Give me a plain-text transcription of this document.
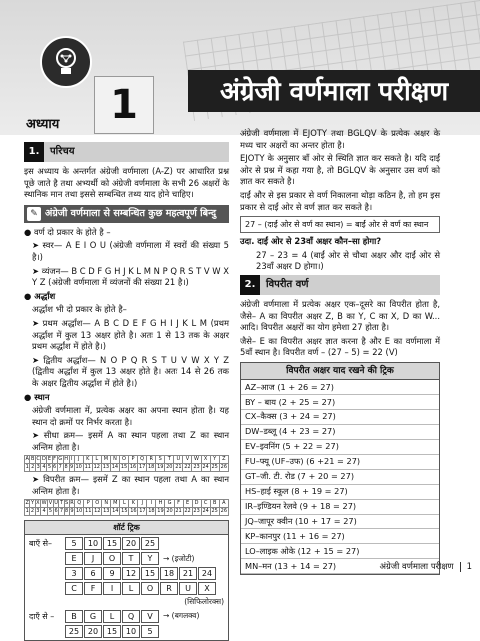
अंग्रेजी वर्णमाला परीक्षण
1
अध्याय
1.	परिचय

इस अध्याय के अन्तर्गत अंग्रेजी वर्णमाला (A-Z) पर आधारित प्रश्न पूछे जाते है तथा अभ्यर्थी को अंग्रेजी वर्णमाला के सभी 26 अक्षरों के स्थानिक मान तथा इससे सम्बन्धित तथ्य याद होने चाहिए।

✎ अंग्रेजी वर्णमाला से सम्बन्धित कुछ महत्वपूर्ण बिन्दु

● वर्ण दो प्रकार के होते है –

➤ स्वर— A E I O U (अंग्रेजी वर्णमाला में स्वरों की संख्या 5 है।)

➤ व्यंजन— B C D F G H J K L M N P Q R S T V W X Y Z (अंग्रेजी वर्णमाला में व्यंजनों की संख्या 21 है।)

● अर्द्धांश

अर्द्धांश भी दो प्रकार के होते है–

➤ प्रथम अर्द्धांश— A B C D E F G H I J K L M (प्रथम अर्द्धांश में कुल 13 अक्षर होते है। अतः 1 से 13 तक के अक्षर प्रथम अर्द्धांश में होते है।)

➤ द्वितीय अर्द्धांश— N O P Q R S T U V W X Y Z (द्वितीय अर्द्धांश में कुल 13 अक्षर होते है। अतः 14 से 26 तक के अक्षर द्वितीय अर्द्धांश में होते है।)

● स्थान

अंग्रेजी वर्णमाला में, प्रत्येक अक्षर का अपना स्थान होता है। यह स्थान दो क्रमों पर निर्भर करता है।

➤ सीधा क्रम— इसमें A का स्थान पहला तथा Z का स्थान अन्तिम होता है।

A	B	C	D	E	F	G	H	I	J	K	L	M	N	O	P	Q	R	S	T	U	V	W	X	Y	Z
1	2	3	4	5	6	7	8	9	10	11	12	13	14	15	16	17	18	19	20	21	22	23	24	25	26

➤ विपरीत क्रम— इसमें Z का स्थान पहला तथा A का स्थान अन्तिम होता है।

Z	Y	X	W	V	U	T	S	R	Q	P	O	N	M	L	K	J	I	H	G	F	E	D	C	B	A
1	2	3	4	5	6	7	8	9	10	11	12	13	14	15	16	17	18	19	20	21	22	23	24	25	26
शॉर्ट ट्रिक
बाएँ से–	5	10	15	20	25
E	J	O	T	Y	→ (इजोटी)
3	6	9	12	15	18	21	24
C	F	I	L	O	R	U	X
(सिफिलोरक्स)
दाएँ से –	B	G	L	Q	V	→ (बगलक्व)
25	20	15	10	5

अंग्रेजी वर्णमाला में EJOTY तथा BGLQV के प्रत्येक अक्षर के मध्य चार अक्षरों का अन्तर होता है।

EJOTY के अनुसार बाँ ओर से स्थिति ज्ञात कर सकते है। यदि दाईं ओर से प्रश्न में कहा गया है, तो BGLQV के अनुसार उस वर्ण को ज्ञात कर सकते है।

दाईं और से इस प्रकार से वर्ण निकालना थोड़ा कठिन है, तो हम इस प्रकार से दाईं ओर से वर्ण ज्ञात कर सकते है।

27 – (दाईं ओर से वर्ण का स्थान) = बाईं ओर से वर्ण का स्थान

उदा. दाईं ओर से 23वाँ अक्षर कौन–सा होगा?

27 – 23 = 4 (बाईं ओर से चौथा अक्षर और दाईं ओर से 23वाँ अक्षर D होगा।)

2.	विपरीत वर्ण

अंग्रेजी वर्णमाला में प्रत्येक अक्षर एक–दूसरे का विपरीत होता है, जैसे– A का विपरीत अक्षर Z, B का Y, C का X, D का W... आदि। विपरीत अक्षरों का योग हमेशा 27 होता है।

जैसे– E का विपरीत अक्षर ज्ञात करना है और E का वर्णमाला में 5वाँ स्थान है। विपरीत वर्ण – (27 – 5) = 22 (V)

विपरीत अक्षर याद रखने की ट्रिक
AZ–आज (1 + 26 = 27)
BY – बाय (2 + 25 = 27)
CX–कैक्स (3 + 24 = 27)
DW–डब्लू (4 + 23 = 27)
EV–इवनिंग (5 + 22 = 27)
FU–फ्यू (UF–उफ) (6 +21 = 27)
GT–जी. टी. रोड (7 + 20 = 27)
HS–हाई स्कूल (8 + 19 = 27)
IR–इण्डियन रेलवे (9 + 18 = 27)
JQ–जापूर क्वीन (10 + 17 = 27)
KP–कानपुर (11 + 16 = 27)
LO–लाइक ओके (12 + 15 = 27)
MN–मन (13 + 14 = 27)	अंग्रेजी वर्णमाला परीक्षण 1
